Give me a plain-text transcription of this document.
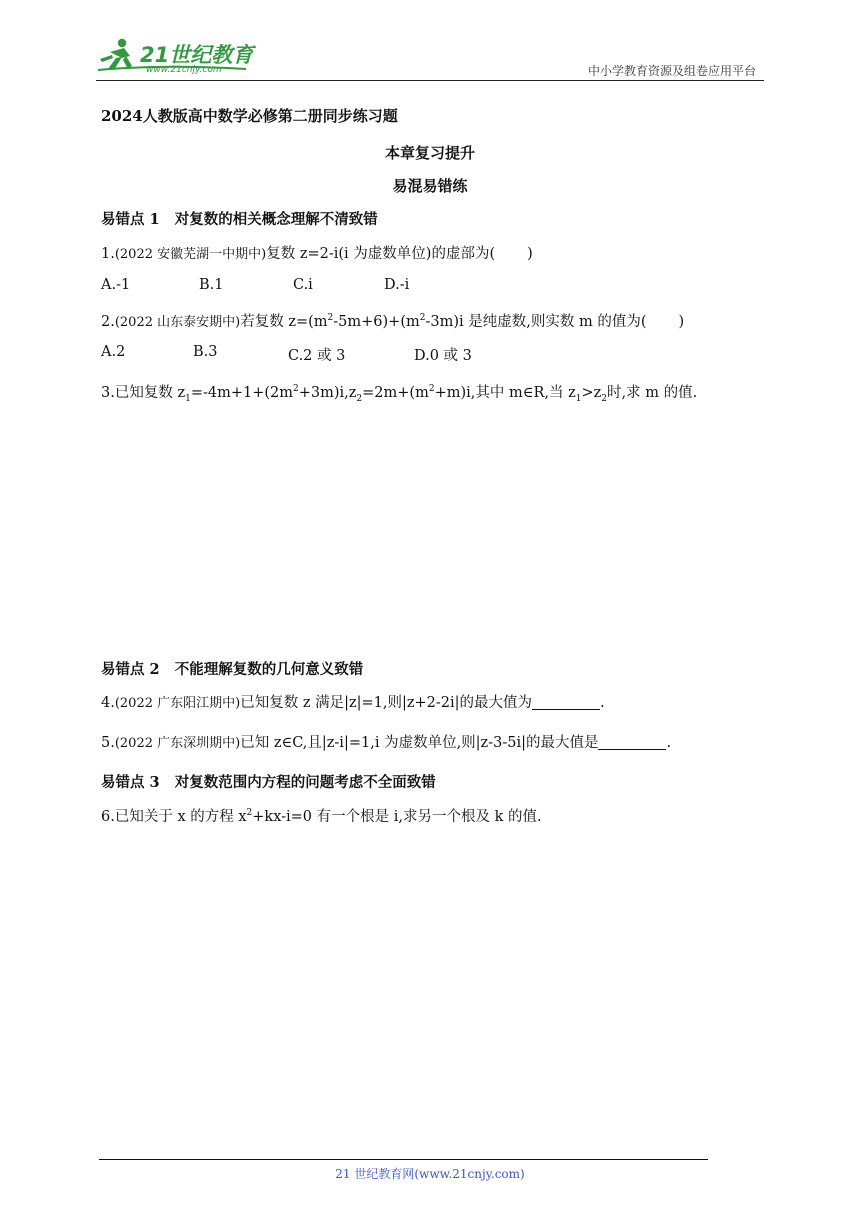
21世纪教育
www.21cnjy.com	中小学教育资源及组卷应用平台
2024人教版高中数学必修第二册同步练习题
本章复习提升
易混易错练
易错点 1 对复数的相关概念理解不清致错
1.(2022 安徽芜湖一中期中)复数 z=2-i(i 为虚数单位)的虚部为( )
A.-1	B.1	C.i	D.-i
2.(2022 山东泰安期中)若复数 $z=(m^2-5m+6)+(m^2-3m)i$ 是纯虚数,则实数 m 的值为( )
A.2	B.3	C.2 或 3	D.0 或 3
3.已知复数 $z_1=-4m+1+(2m^2+3m)i,z_2=2m+(m^2+m)i$,其中 m∈R,当 $z_1>z_2$时,求 m 的值.
易错点 2 不能理解复数的几何意义致错
4.(2022 广东阳江期中)已知复数 z 满足|z|=1,则|z+2-2i|的最大值为	.
5.(2022 广东深圳期中)已知 z∈C,且|z-i|=1,i 为虚数单位,则|z-3-5i|的最大值是	.
易错点 3 对复数范围内方程的问题考虑不全面致错
6.已知关于 x 的方程 $x^2+kx-i=0$ 有一个根是 i,求另一个根及 k 的值.
21 世纪教育网(www.21cnjy.com)
